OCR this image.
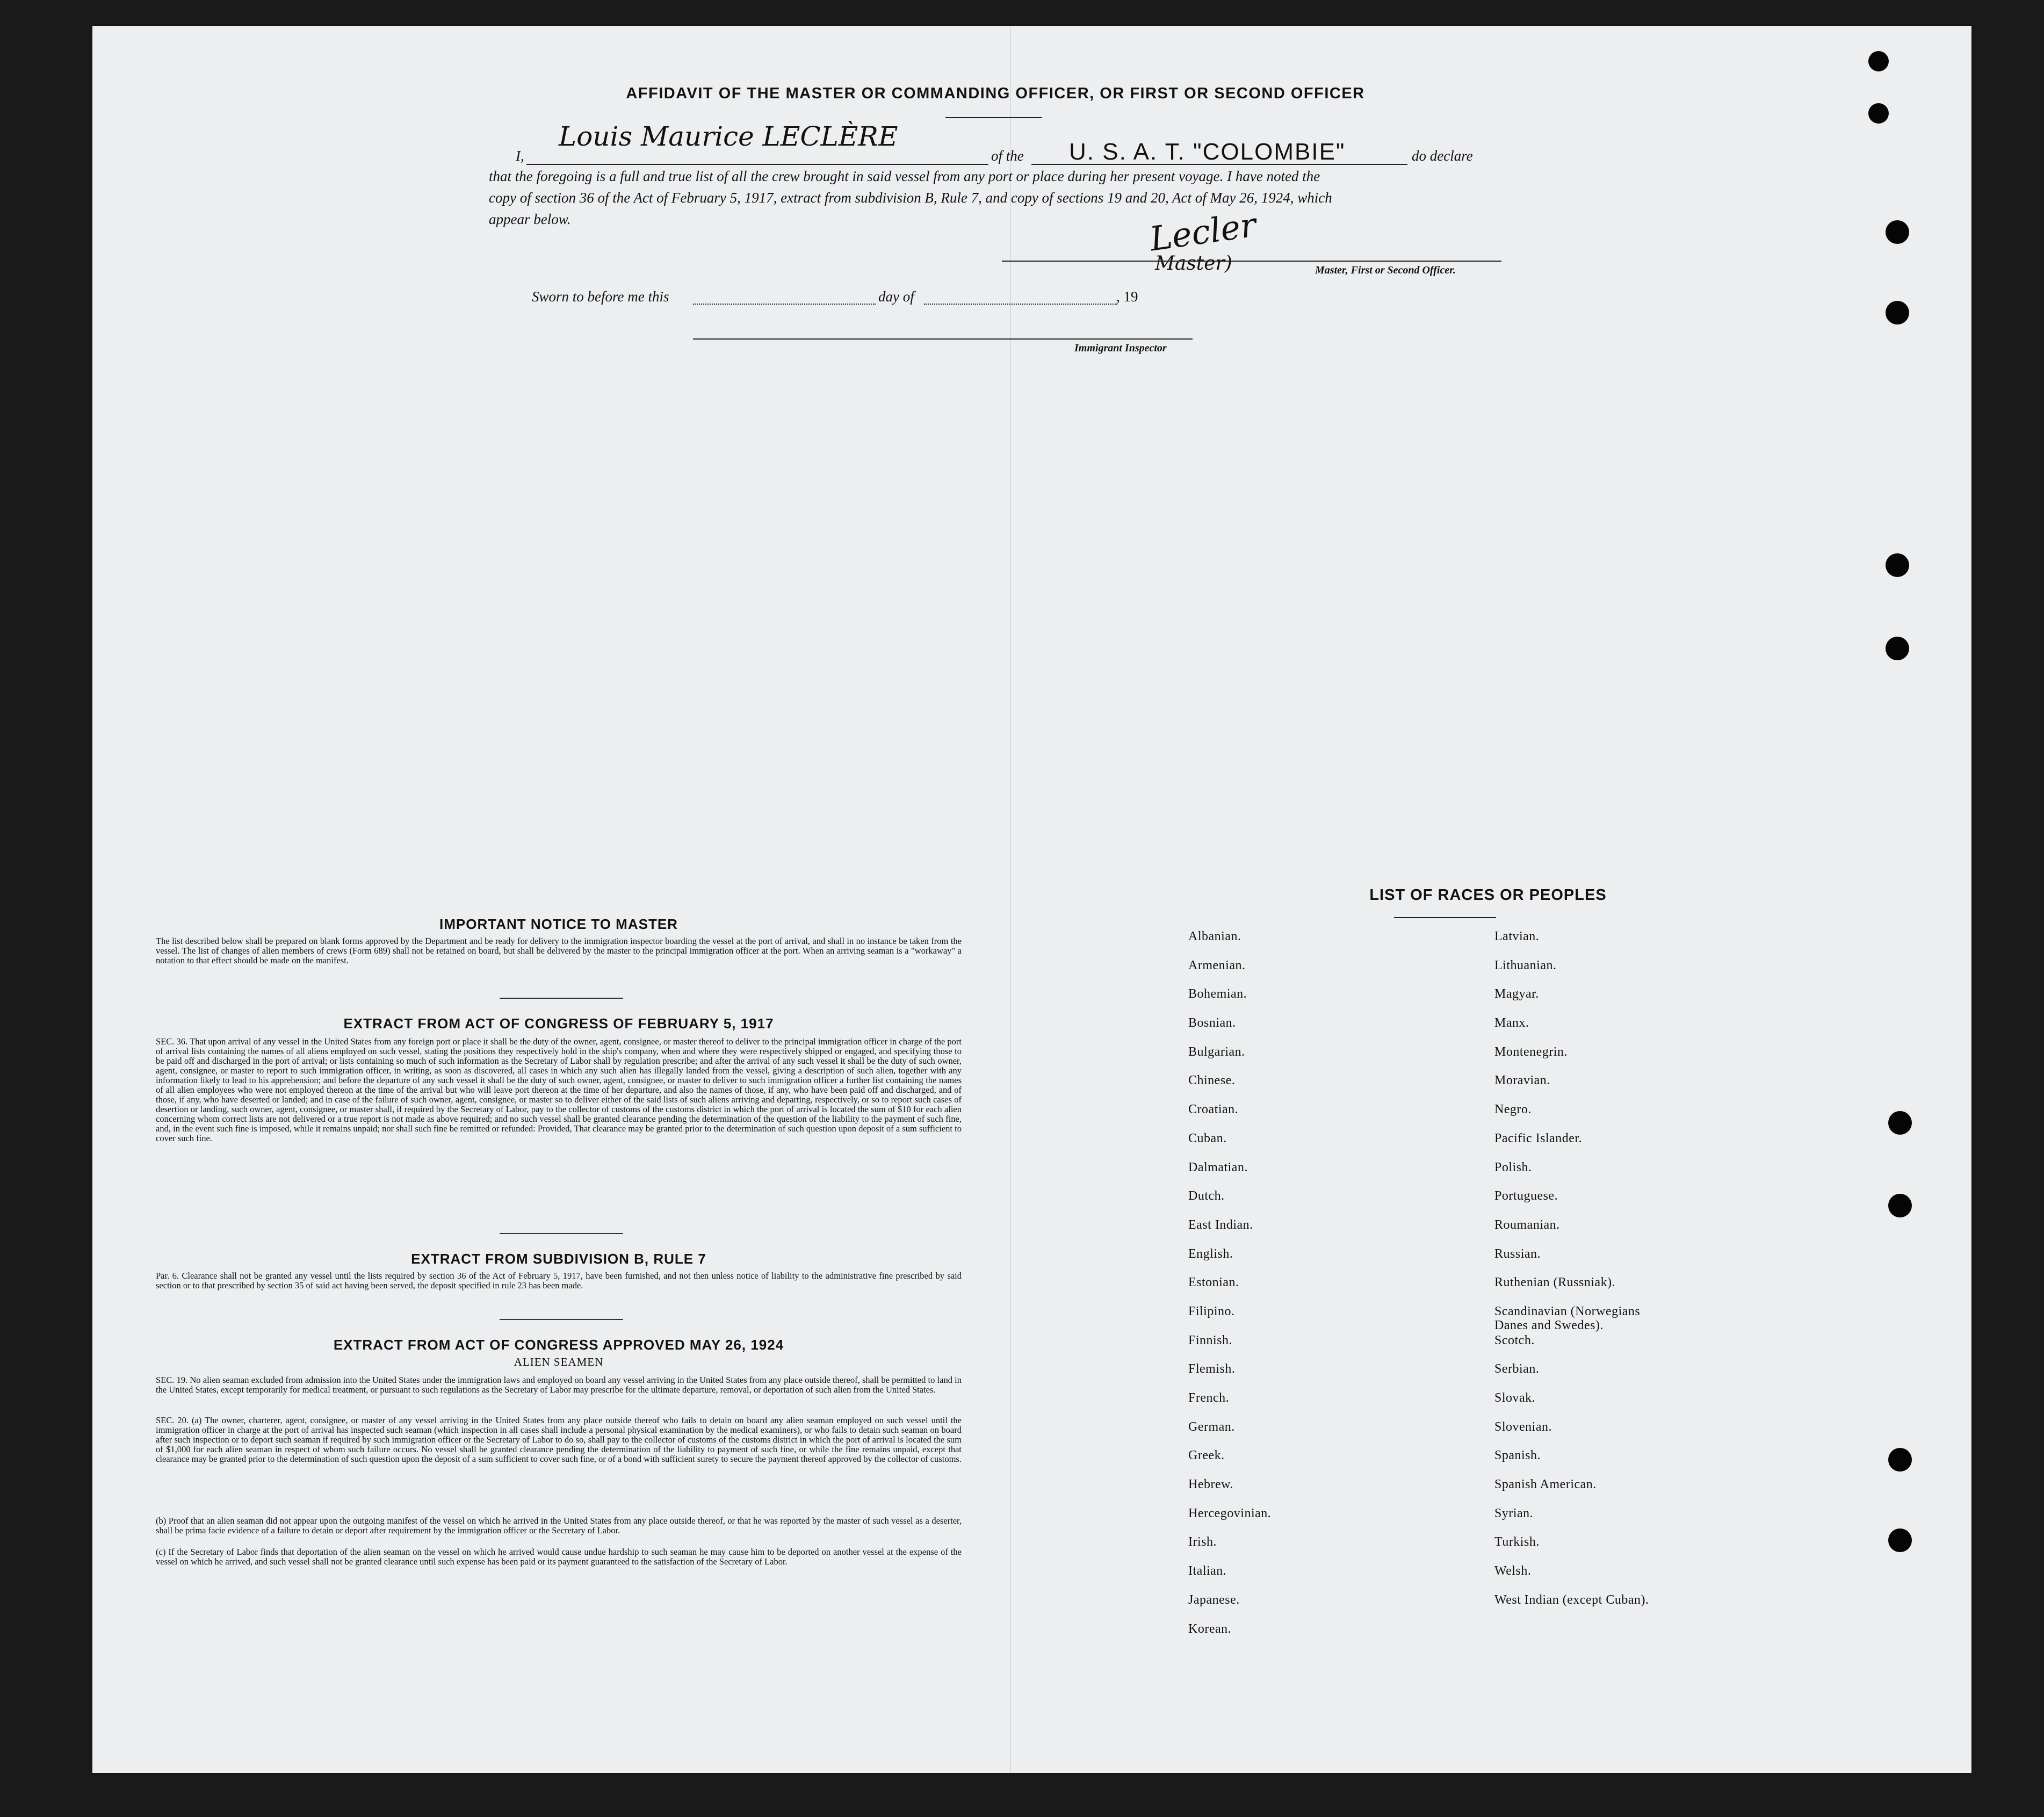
AFFIDAVIT OF THE MASTER OR COMMANDING OFFICER, OR FIRST OR SECOND OFFICER
I,
Louis Maurice LECLÈRE
of the U. S. A. T. "COLOMBIE"	do declare
that the foregoing is a full and true list of all the crew brought in said vessel from any port or place during her present voyage. I have noted the
copy of section 36 of the Act of February 5, 1917, extract from subdivision B, Rule 7, and copy of sections 19 and 20, Act of May 26, 1924, which
appear below.	Lecler
Master)	Master, First or Second Officer.
Sworn to before me this	day of	, 19
Immigrant Inspector
IMPORTANT NOTICE TO MASTER
The list described below shall be prepared on blank forms approved by the Department and be ready for delivery to the immigration inspector boarding the vessel at the port of arrival, and shall in no instance be taken from the vessel. The list of changes of alien members of crews (Form 689) shall not be retained on board, but shall be delivered by the master to the principal immigration officer at the port. When an arriving seaman is a "workaway" a notation to that effect should be made on the manifest.
EXTRACT FROM ACT OF CONGRESS OF FEBRUARY 5, 1917
SEC. 36. That upon arrival of any vessel in the United States from any foreign port or place it shall be the duty of the owner, agent, consignee, or master thereof to deliver to the principal immigration officer in charge of the port of arrival lists containing the names of all aliens employed on such vessel, stating the positions they respectively hold in the ship's company, when and where they were respectively shipped or engaged, and specifying those to be paid off and discharged in the port of arrival; or lists containing so much of such information as the Secretary of Labor shall by regulation prescribe; and after the arrival of any such vessel it shall be the duty of such owner, agent, consignee, or master to report to such immigration officer, in writing, as soon as discovered, all cases in which any such alien has illegally landed from the vessel, giving a description of such alien, together with any information likely to lead to his apprehension; and before the departure of any such vessel it shall be the duty of such owner, agent, consignee, or master to deliver to such immigration officer a further list containing the names of all alien employees who were not employed thereon at the time of the arrival but who will leave port thereon at the time of her departure, and also the names of those, if any, who have been paid off and discharged, and of those, if any, who have deserted or landed; and in case of the failure of such owner, agent, consignee, or master so to deliver either of the said lists of such aliens arriving and departing, respectively, or so to report such cases of desertion or landing, such owner, agent, consignee, or master shall, if required by the Secretary of Labor, pay to the collector of customs of the customs district in which the port of arrival is located the sum of $10 for each alien concerning whom correct lists are not delivered or a true report is not made as above required; and no such vessel shall be granted clearance pending the determination of the question of the liability to the payment of such fine, and, in the event such fine is imposed, while it remains unpaid; nor shall such fine be remitted or refunded: Provided, That clearance may be granted prior to the determination of such question upon deposit of a sum sufficient to cover such fine.
EXTRACT FROM SUBDIVISION B, RULE 7
Par. 6. Clearance shall not be granted any vessel until the lists required by section 36 of the Act of February 5, 1917, have been furnished, and not then unless notice of liability to the administrative fine prescribed by said section or to that prescribed by section 35 of said act having been served, the deposit specified in rule 23 has been made.
EXTRACT FROM ACT OF CONGRESS APPROVED MAY 26, 1924
ALIEN SEAMEN
SEC. 19. No alien seaman excluded from admission into the United States under the immigration laws and employed on board any vessel arriving in the United States from any place outside thereof, shall be permitted to land in the United States, except temporarily for medical treatment, or pursuant to such regulations as the Secretary of Labor may prescribe for the ultimate departure, removal, or deportation of such alien from the United States.
SEC. 20. (a) The owner, charterer, agent, consignee, or master of any vessel arriving in the United States from any place outside thereof who fails to detain on board any alien seaman employed on such vessel until the immigration officer in charge at the port of arrival has inspected such seaman (which inspection in all cases shall include a personal physical examination by the medical examiners), or who fails to detain such seaman on board after such inspection or to deport such seaman if required by such immigration officer or the Secretary of Labor to do so, shall pay to the collector of customs of the customs district in which the port of arrival is located the sum of $1,000 for each alien seaman in respect of whom such failure occurs. No vessel shall be granted clearance pending the determination of the liability to payment of such fine, or while the fine remains unpaid, except that clearance may be granted prior to the determination of such question upon the deposit of a sum sufficient to cover such fine, or of a bond with sufficient surety to secure the payment thereof approved by the collector of customs.
(b) Proof that an alien seaman did not appear upon the outgoing manifest of the vessel on which he arrived in the United States from any place outside thereof, or that he was reported by the master of such vessel as a deserter, shall be prima facie evidence of a failure to detain or deport after requirement by the immigration officer or the Secretary of Labor.
(c) If the Secretary of Labor finds that deportation of the alien seaman on the vessel on which he arrived would cause undue hardship to such seaman he may cause him to be deported on another vessel at the expense of the vessel on which he arrived, and such vessel shall not be granted clearance until such expense has been paid or its payment guaranteed to the satisfaction of the Secretary of Labor.
LIST OF RACES OR PEOPLES
Albanian.
Armenian.
Bohemian.
Bosnian.
Bulgarian.
Chinese.
Croatian.
Cuban.
Dalmatian.
Dutch.
East Indian.
English.
Estonian.
Filipino.
Finnish.
Flemish.
French.
German.
Greek.
Hebrew.
Hercegovinian.
Irish.
Italian.
Japanese.
Korean.
Latvian.
Lithuanian.
Magyar.
Manx.
Montenegrin.
Moravian.
Negro.
Pacific Islander.
Polish.
Portuguese.
Roumanian.
Russian.
Ruthenian (Russniak).
Scandinavian (Norwegians
Danes and Swedes).
Scotch.
Serbian.
Slovak.
Slovenian.
Spanish.
Spanish American.
Syrian.
Turkish.
Welsh.
West Indian (except Cuban).
